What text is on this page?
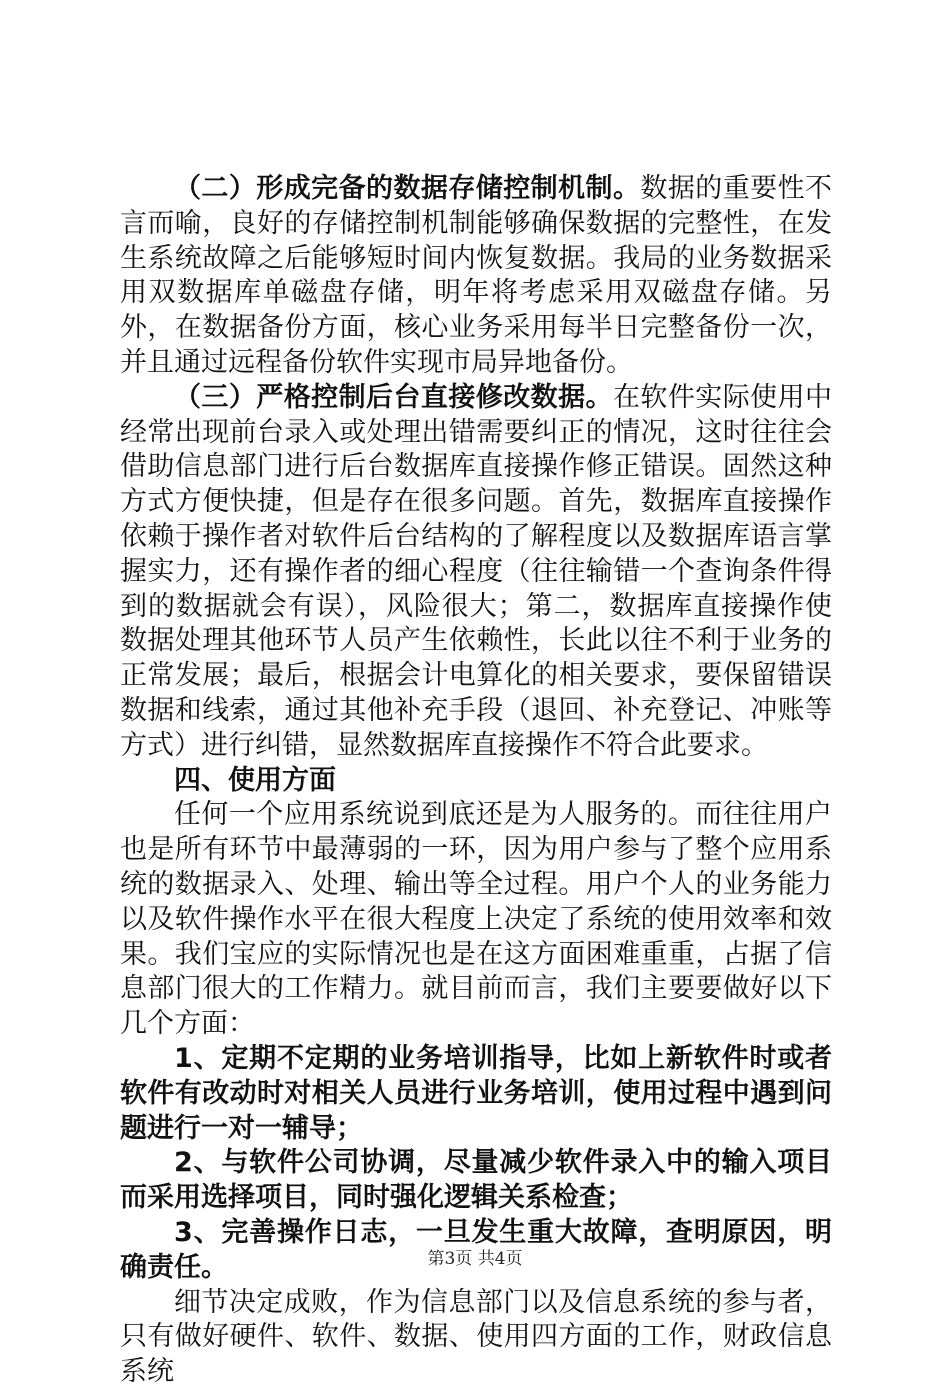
（二）形成完备的数据存储控制机制。数据的重要性不言而喻，良好的存储控制机制能够确保数据的完整性，在发生系统故障之后能够短时间内恢复数据。我局的业务数据采用双数据库单磁盘存储，明年将考虑采用双磁盘存储。另外，在数据备份方面，核心业务采用每半日完整备份一次，并且通过远程备份软件实现市局异地备份。

（三）严格控制后台直接修改数据。在软件实际使用中经常出现前台录入或处理出错需要纠正的情况，这时往往会借助信息部门进行后台数据库直接操作修正错误。固然这种方式方便快捷，但是存在很多问题。首先，数据库直接操作依赖于操作者对软件后台结构的了解程度以及数据库语言掌握实力，还有操作者的细心程度（往往输错一个查询条件得到的数据就会有误），风险很大；第二，数据库直接操作使数据处理其他环节人员产生依赖性，长此以往不利于业务的正常发展；最后，根据会计电算化的相关要求，要保留错误数据和线索，通过其他补充手段（退回、补充登记、冲账等方式）进行纠错，显然数据库直接操作不符合此要求。

四、使用方面

任何一个应用系统说到底还是为人服务的。而往往用户也是所有环节中最薄弱的一环，因为用户参与了整个应用系统的数据录入、处理、输出等全过程。用户个人的业务能力以及软件操作水平在很大程度上决定了系统的使用效率和效果。我们宝应的实际情况也是在这方面困难重重，占据了信息部门很大的工作精力。就目前而言，我们主要要做好以下几个方面：

1、定期不定期的业务培训指导，比如上新软件时或者软件有改动时对相关人员进行业务培训，使用过程中遇到问题进行一对一辅导；

2、与软件公司协调，尽量减少软件录入中的输入项目而采用选择项目，同时强化逻辑关系检查；

3、完善操作日志，一旦发生重大故障，查明原因，明确责任。

细节决定成败，作为信息部门以及信息系统的参与者，只有做好硬件、软件、数据、使用四方面的工作，财政信息系统

第3页 共4页
